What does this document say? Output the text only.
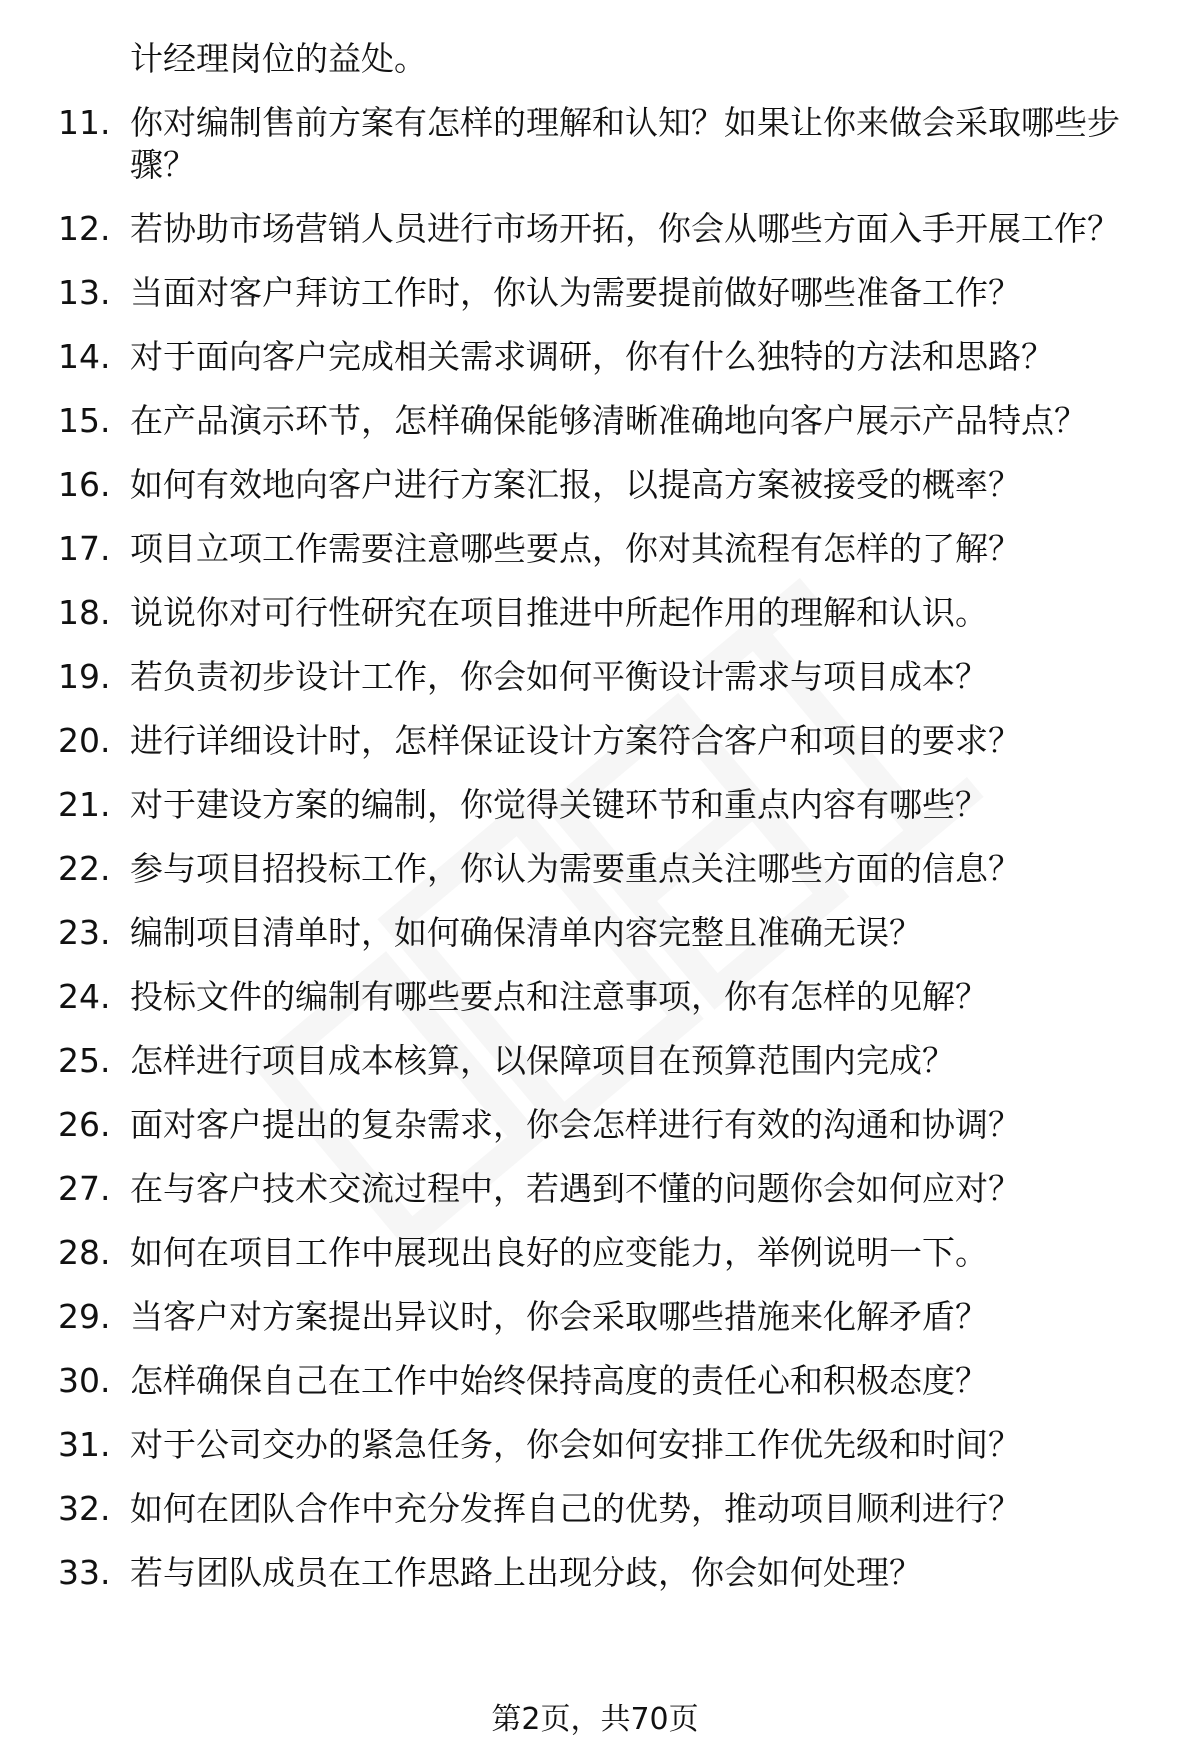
计经理岗位的益处。
11. 你对编制售前方案有怎样的理解和认知？如果让你来做会采取哪些步骤？
12. 若协助市场营销人员进行市场开拓，你会从哪些方面入手开展工作？
13. 当面对客户拜访工作时，你认为需要提前做好哪些准备工作？
14. 对于面向客户完成相关需求调研，你有什么独特的方法和思路？
15. 在产品演示环节，怎样确保能够清晰准确地向客户展示产品特点？
16. 如何有效地向客户进行方案汇报，以提高方案被接受的概率？
17. 项目立项工作需要注意哪些要点，你对其流程有怎样的了解？
18. 说说你对可行性研究在项目推进中所起作用的理解和认识。
19. 若负责初步设计工作，你会如何平衡设计需求与项目成本？
20. 进行详细设计时，怎样保证设计方案符合客户和项目的要求？
21. 对于建设方案的编制，你觉得关键环节和重点内容有哪些？
22. 参与项目招投标工作，你认为需要重点关注哪些方面的信息？
23. 编制项目清单时，如何确保清单内容完整且准确无误？
24. 投标文件的编制有哪些要点和注意事项，你有怎样的见解？
25. 怎样进行项目成本核算，以保障项目在预算范围内完成？
26. 面对客户提出的复杂需求，你会怎样进行有效的沟通和协调？
27. 在与客户技术交流过程中，若遇到不懂的问题你会如何应对？
28. 如何在项目工作中展现出良好的应变能力，举例说明一下。
29. 当客户对方案提出异议时，你会采取哪些措施来化解矛盾？
30. 怎样确保自己在工作中始终保持高度的责任心和积极态度？
31. 对于公司交办的紧急任务，你会如何安排工作优先级和时间？
32. 如何在团队合作中充分发挥自己的优势，推动项目顺利进行？
33. 若与团队成员在工作思路上出现分歧，你会如何处理？
第2页，共70页
